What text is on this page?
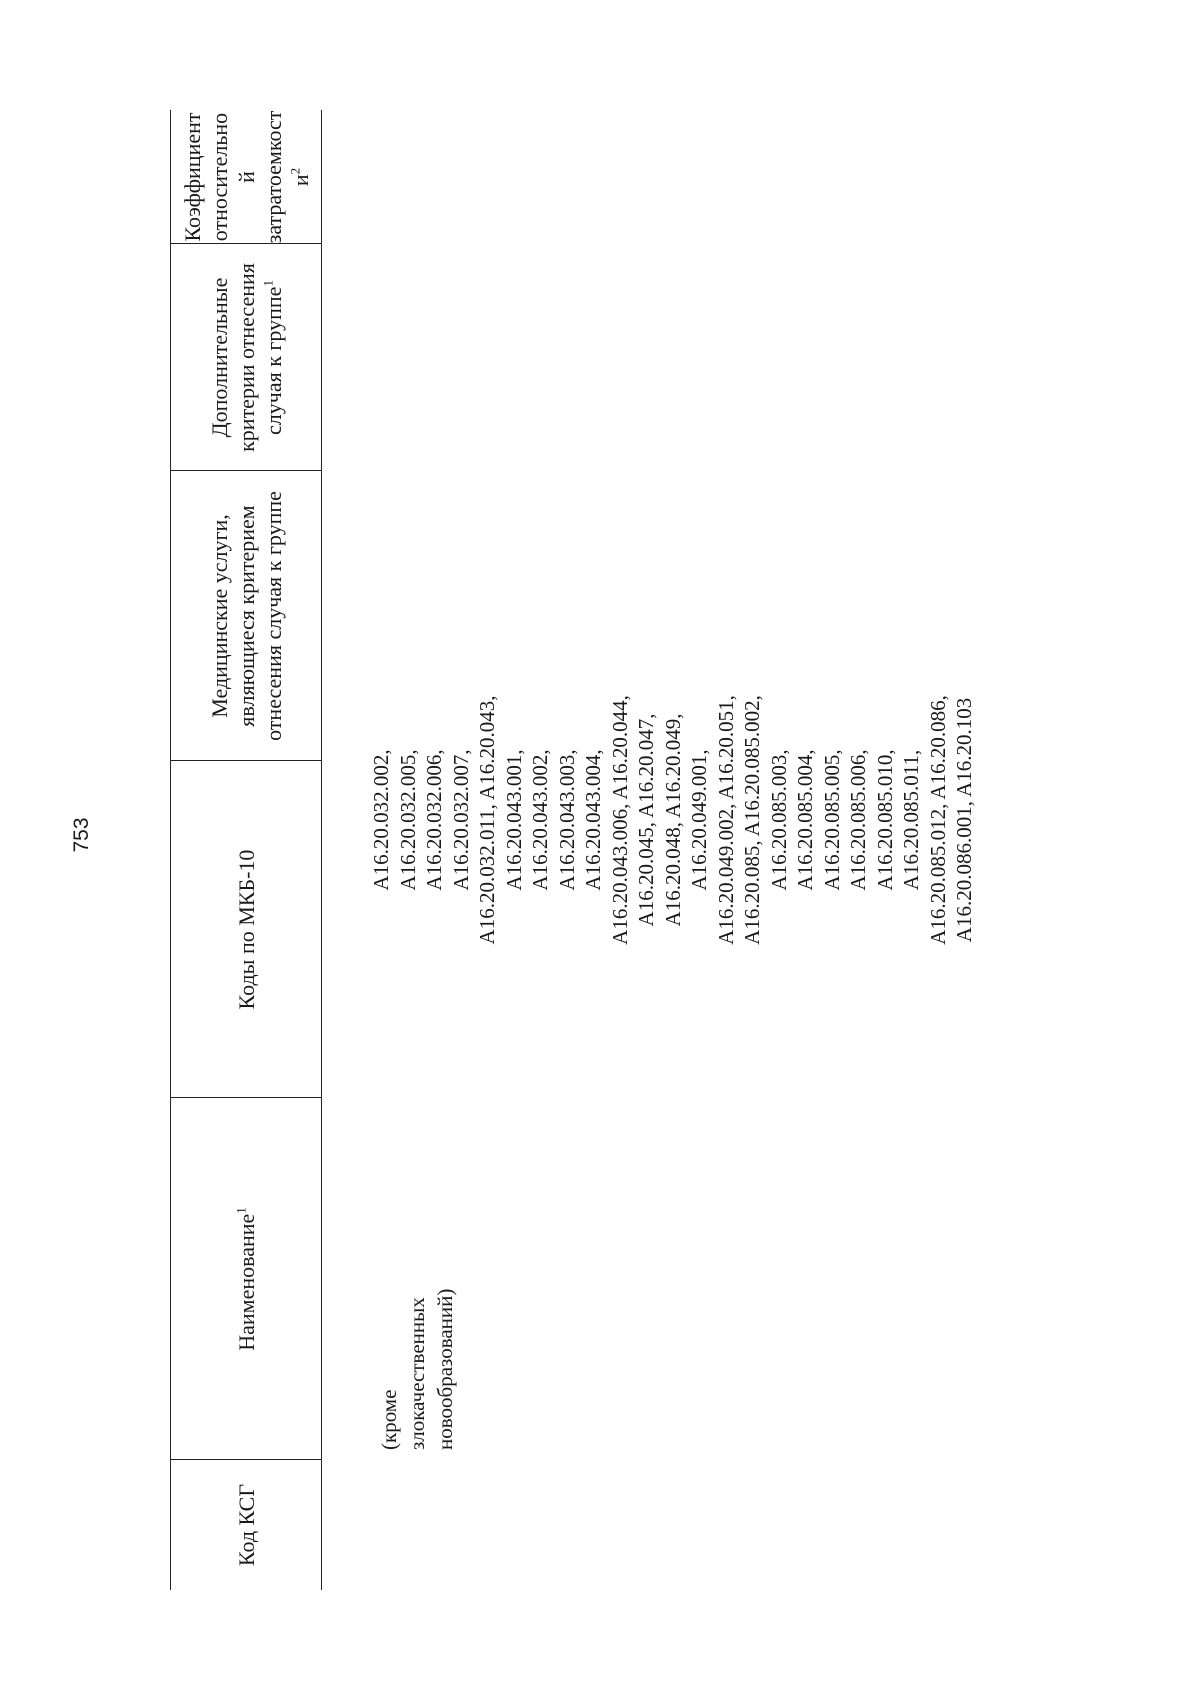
753
Код КСГ
Наименование$^1$
Коды по МКБ-10
Медицинские услуги,
являющиеся критерием
отнесения случая к группе
Дополнительные
критерии отнесения
случая к группе$^1$
Коэффициент
относительно
й
затратоемкост
$и^2$
(кроме
злокачественных
новообразований)
A16.20.032.002, A16.20.032.005, A16.20.032.006, A16.20.032.007, A16.20.032.011, A16.20.043, A16.20.043.001, A16.20.043.002, A16.20.043.003, A16.20.043.004, A16.20.043.006, A16.20.044, A16.20.045, A16.20.047, A16.20.048, A16.20.049, A16.20.049.001, A16.20.049.002, A16.20.051, A16.20.085, A16.20.085.002, A16.20.085.003, A16.20.085.004, A16.20.085.005, A16.20.085.006, A16.20.085.010, A16.20.085.011, A16.20.085.012, A16.20.086, A16.20.086.001, A16.20.103
